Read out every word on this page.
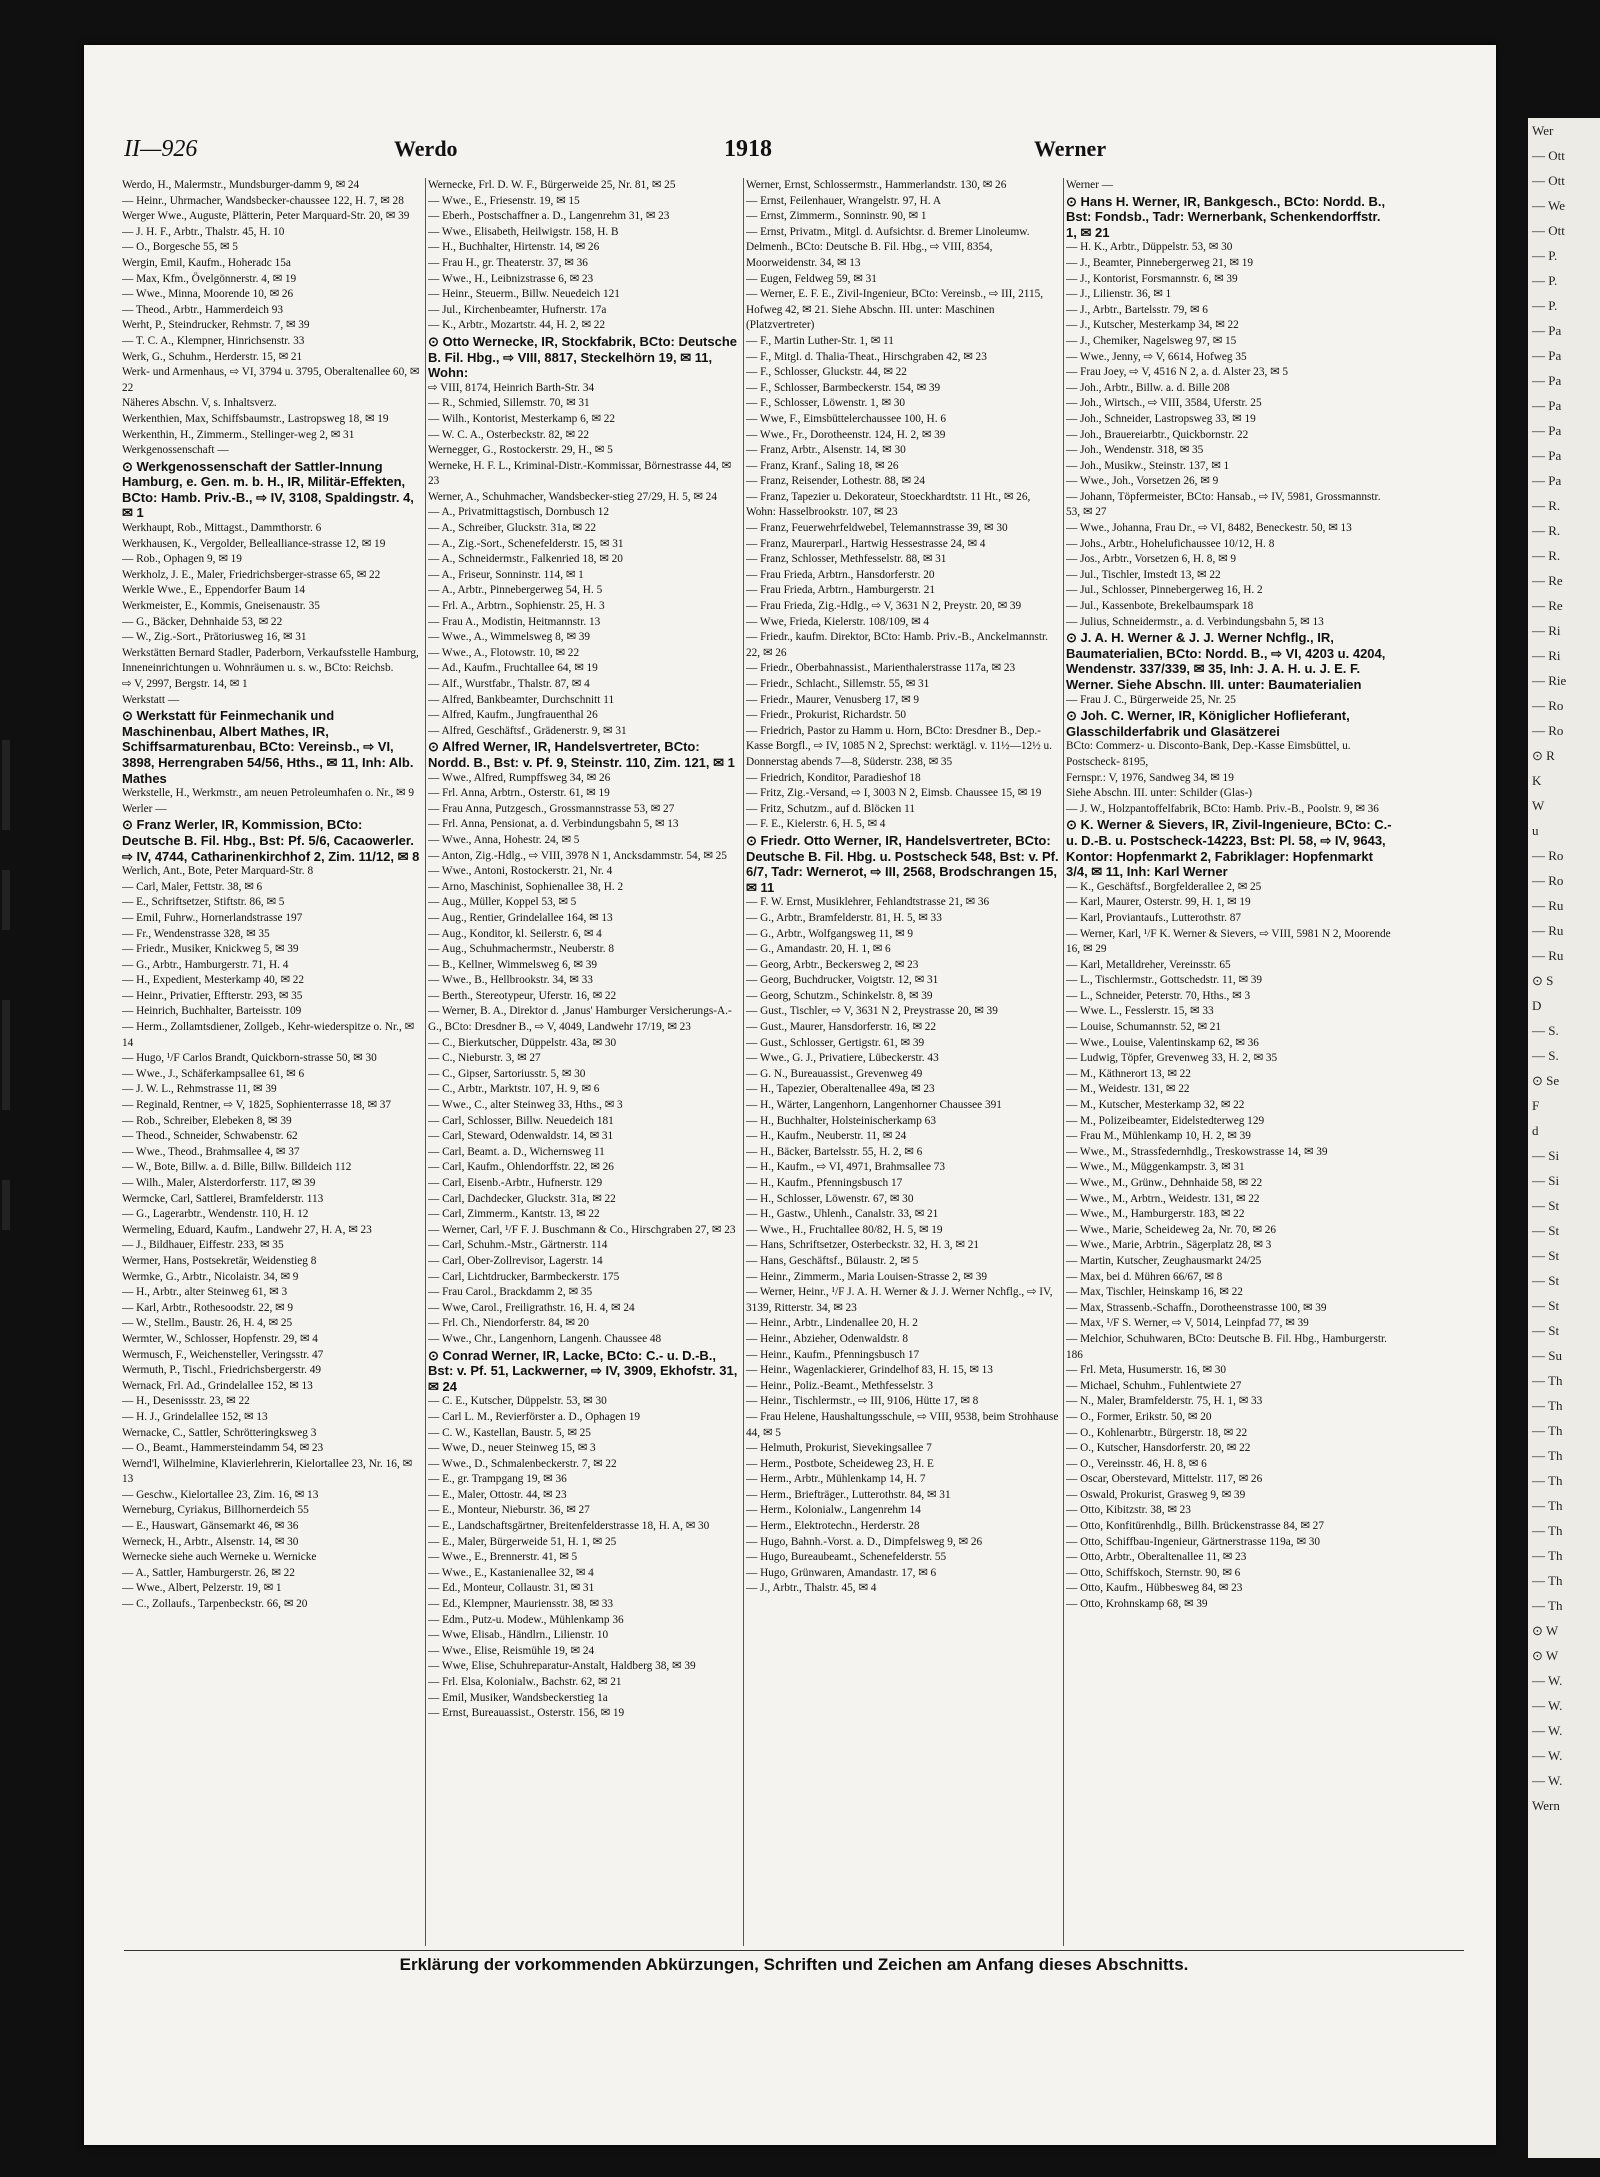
Wer
— Ott
— Ott
— We
— Ott
— P.
— P.
— P.
— Pa
— Pa
— Pa
— Pa
— Pa
— Pa
— Pa
— R.
— R.
— R.
— Re
— Re
— Ri
— Ri
— Rie
— Ro
— Ro
⊙ R
K
W
u
— Ro
— Ro
— Ru
— Ru
— Ru
⊙ S
D
— S.
— S.
⊙ Se
F
d
— Si
— Si
— St
— St
— St
— St
— St
— St
— Su
— Th
— Th
— Th
— Th
— Th
— Th
— Th
— Th
— Th
— Th
⊙ W
⊙ W
— W.
— W.
— W.
— W.
— W.
Wern
II—926	Werdo	1918	Werner
Werdo, H., Malermstr., Mundsburger-damm 9, ✉ 24
— Heinr., Uhrmacher, Wandsbecker-chaussee 122, H. 7, ✉ 28
Werger Wwe., Auguste, Plätterin, Peter Marquard-Str. 20, ✉ 39
— J. H. F., Arbtr., Thalstr. 45, H. 10
— O., Borgesche 55, ✉ 5
Wergin, Emil, Kaufm., Hoheradc 15a
— Max, Kfm., Övelgönnerstr. 4, ✉ 19
— Wwe., Minna, Moorende 10, ✉ 26
— Theod., Arbtr., Hammerdeich 93
Werht, P., Steindrucker, Rehmstr. 7, ✉ 39
— T. C. A., Klempner, Hinrichsenstr. 33
Werk, G., Schuhm., Herderstr. 15, ✉ 21
Werk- und Armenhaus, ⇨ VI, 3794 u. 3795, Oberaltenallee 60, ✉ 22
Näheres Abschn. V, s. Inhaltsverz.
Werkenthien, Max, Schiffsbaumstr., Lastropsweg 18, ✉ 19
Werkenthin, H., Zimmerm., Stellinger-weg 2, ✉ 31
Werkgenossenschaft —
⊙ Werkgenossenschaft der Sattler-Innung Hamburg, e. Gen. m. b. H., IR, Militär-Effekten, BCto: Hamb. Priv.-B., ⇨ IV, 3108, Spaldingstr. 4, ✉ 1
Werkhaupt, Rob., Mittagst., Dammthorstr. 6
Werkhausen, K., Vergolder, Bellealliance-strasse 12, ✉ 19
— Rob., Ophagen 9, ✉ 19
Werkholz, J. E., Maler, Friedrichsberger-strasse 65, ✉ 22
Werkle Wwe., E., Eppendorfer Baum 14
Werkmeister, E., Kommis, Gneisenaustr. 35
— G., Bäcker, Dehnhaide 53, ✉ 22
— W., Zig.-Sort., Prätoriusweg 16, ✉ 31
Werkstätten Bernard Stadler, Paderborn, Verkaufsstelle Hamburg, Inneneinrichtungen u. Wohnräumen u. s. w., BCto: Reichsb.
⇨ V, 2997, Bergstr. 14, ✉ 1
Werkstatt —
⊙ Werkstatt für Feinmechanik und Maschinenbau, Albert Mathes, IR, Schiffsarmaturenbau, BCto: Vereinsb., ⇨ VI, 3898, Herrengraben 54/56, Hths., ✉ 11, Inh: Alb. Mathes
Werkstelle, H., Werkmstr., am neuen Petroleumhafen o. Nr., ✉ 9
Werler —
⊙ Franz Werler, IR, Kommission, BCto: Deutsche B. Fil. Hbg., Bst: Pf. 5/6, Cacaowerler. ⇨ IV, 4744, Catharinenkirchhof 2, Zim. 11/12, ✉ 8
Werlich, Ant., Bote, Peter Marquard-Str. 8
— Carl, Maler, Fettstr. 38, ✉ 6
— E., Schriftsetzer, Stiftstr. 86, ✉ 5
— Emil, Fuhrw., Hornerlandstrasse 197
— Fr., Wendenstrasse 328, ✉ 35
— Friedr., Musiker, Knickweg 5, ✉ 39
— G., Arbtr., Hamburgerstr. 71, H. 4
— H., Expedient, Mesterkamp 40, ✉ 22
— Heinr., Privatier, Effterstr. 293, ✉ 35
— Heinrich, Buchhalter, Barteisstr. 109
— Herm., Zollamtsdiener, Zollgeb., Kehr-wiederspitze o. Nr., ✉ 14
— Hugo, ¹/F Carlos Brandt, Quickborn-strasse 50, ✉ 30
— Wwe., J., Schäferkampsallee 61, ✉ 6
— J. W. L., Rehmstrasse 11, ✉ 39
— Reginald, Rentner, ⇨ V, 1825, Sophienterrasse 18, ✉ 37
— Rob., Schreiber, Elebeken 8, ✉ 39
— Theod., Schneider, Schwabenstr. 62
— Wwe., Theod., Brahmsallee 4, ✉ 37
— W., Bote, Billw. a. d. Bille, Billw. Billdeich 112
— Wilh., Maler, Alsterdorferstr. 117, ✉ 39
Wermcke, Carl, Sattlerei, Bramfelderstr. 113
— G., Lagerarbtr., Wendenstr. 110, H. 12
Wermeling, Eduard, Kaufm., Landwehr 27, H. A, ✉ 23
— J., Bildhauer, Eiffestr. 233, ✉ 35
Wermer, Hans, Postsekretär, Weidenstieg 8
Wermke, G., Arbtr., Nicolaistr. 34, ✉ 9
— H., Arbtr., alter Steinweg 61, ✉ 3
— Karl, Arbtr., Rothesoodstr. 22, ✉ 9
— W., Stellm., Baustr. 26, H. 4, ✉ 25
Wermter, W., Schlosser, Hopfenstr. 29, ✉ 4
Wermusch, F., Weichensteller, Veringsstr. 47
Wermuth, P., Tischl., Friedrichsbergerstr. 49
Wernack, Frl. Ad., Grindelallee 152, ✉ 13
— H., Desenissstr. 23, ✉ 22
— H. J., Grindelallee 152, ✉ 13
Wernacke, C., Sattler, Schrötteringksweg 3
— O., Beamt., Hammersteindamm 54, ✉ 23
Wernd'l, Wilhelmine, Klavierlehrerin, Kielortallee 23, Nr. 16, ✉ 13
— Geschw., Kielortallee 23, Zim. 16, ✉ 13
Werneburg, Cyriakus, Billhornerdeich 55
— E., Hauswart, Gänsemarkt 46, ✉ 36
Werneck, H., Arbtr., Alsenstr. 14, ✉ 30
Wernecke siehe auch Werneke u. Wernicke
— A., Sattler, Hamburgerstr. 26, ✉ 22
— Wwe., Albert, Pelzerstr. 19, ✉ 1
— C., Zollaufs., Tarpenbeckstr. 66, ✉ 20
Wernecke, Frl. D. W. F., Bürgerweide 25, Nr. 81, ✉ 25
— Wwe., E., Friesenstr. 19, ✉ 15
— Eberh., Postschaffner a. D., Langenrehm 31, ✉ 23
— Wwe., Elisabeth, Heilwigstr. 158, H. B
— H., Buchhalter, Hirtenstr. 14, ✉ 26
— Frau H., gr. Theaterstr. 37, ✉ 36
— Wwe., H., Leibnizstrasse 6, ✉ 23
— Heinr., Steuerm., Billw. Neuedeich 121
— Jul., Kirchenbeamter, Hufnerstr. 17a
— K., Arbtr., Mozartstr. 44, H. 2, ✉ 22
⊙ Otto Wernecke, IR, Stockfabrik, BCto: Deutsche B. Fil. Hbg., ⇨ VIII, 8817, Steckelhörn 19, ✉ 11, Wohn:
⇨ VIII, 8174, Heinrich Barth-Str. 34
— R., Schmied, Sillemstr. 70, ✉ 31
— Wilh., Kontorist, Mesterkamp 6, ✉ 22
— W. C. A., Osterbeckstr. 82, ✉ 22
Wernegger, G., Rostockerstr. 29, H., ✉ 5
Werneke, H. F. L., Kriminal-Distr.-Kommissar, Börnestrasse 44, ✉ 23
Werner, A., Schuhmacher, Wandsbecker-stieg 27/29, H. 5, ✉ 24
— A., Privatmittagstisch, Dornbusch 12
— A., Schreiber, Gluckstr. 31a, ✉ 22
— A., Zig.-Sort., Schenefelderstr. 15, ✉ 31
— A., Schneidermstr., Falkenried 18, ✉ 20
— A., Friseur, Sonninstr. 114, ✉ 1
— A., Arbtr., Pinnebergerweg 54, H. 5
— Frl. A., Arbtrn., Sophienstr. 25, H. 3
— Frau A., Modistin, Heitmannstr. 13
— Wwe., A., Wimmelsweg 8, ✉ 39
— Wwe., A., Flotowstr. 10, ✉ 22
— Ad., Kaufm., Fruchtallee 64, ✉ 19
— Alf., Wurstfabr., Thalstr. 87, ✉ 4
— Alfred, Bankbeamter, Durchschnitt 11
— Alfred, Kaufm., Jungfrauenthal 26
— Alfred, Geschäftsf., Grädenerstr. 9, ✉ 31
⊙ Alfred Werner, IR, Handelsvertreter, BCto: Nordd. B., Bst: v. Pf. 9, Steinstr. 110, Zim. 121, ✉ 1
— Wwe., Alfred, Rumpffsweg 34, ✉ 26
— Frl. Anna, Arbtrn., Osterstr. 61, ✉ 19
— Frau Anna, Putzgesch., Grossmannstrasse 53, ✉ 27
— Frl. Anna, Pensionat, a. d. Verbindungsbahn 5, ✉ 13
— Wwe., Anna, Hohestr. 24, ✉ 5
— Anton, Zig.-Hdlg., ⇨ VIII, 3978 N 1, Ancksdammstr. 54, ✉ 25
— Wwe., Antoni, Rostockerstr. 21, Nr. 4
— Arno, Maschinist, Sophienallee 38, H. 2
— Aug., Müller, Koppel 53, ✉ 5
— Aug., Rentier, Grindelallee 164, ✉ 13
— Aug., Konditor, kl. Seilerstr. 6, ✉ 4
— Aug., Schuhmachermstr., Neuberstr. 8
— B., Kellner, Wimmelsweg 6, ✉ 39
— Wwe., B., Hellbrookstr. 34, ✉ 33
— Berth., Stereotypeur, Uferstr. 16, ✉ 22
— Werner, B. A., Direktor d. ‚Janus' Hamburger Versicherungs-A.-G., BCto: Dresdner B., ⇨ V, 4049, Landwehr 17/19, ✉ 23
— C., Bierkutscher, Düppelstr. 43a, ✉ 30
— C., Nieburstr. 3, ✉ 27
— C., Gipser, Sartoriusstr. 5, ✉ 30
— C., Arbtr., Marktstr. 107, H. 9, ✉ 6
— Wwe., C., alter Steinweg 33, Hths., ✉ 3
— Carl, Schlosser, Billw. Neuedeich 181
— Carl, Steward, Odenwaldstr. 14, ✉ 31
— Carl, Beamt. a. D., Wichernsweg 11
— Carl, Kaufm., Ohlendorffstr. 22, ✉ 26
— Carl, Eisenb.-Arbtr., Hufnerstr. 129
— Carl, Dachdecker, Gluckstr. 31a, ✉ 22
— Carl, Zimmerm., Kantstr. 13, ✉ 22
— Werner, Carl, ¹/F F. J. Buschmann & Co., Hirschgraben 27, ✉ 23
— Carl, Schuhm.-Mstr., Gärtnerstr. 114
— Carl, Ober-Zollrevisor, Lagerstr. 14
— Carl, Lichtdrucker, Barmbeckerstr. 175
— Frau Carol., Brackdamm 2, ✉ 35
— Wwe, Carol., Freiligrathstr. 16, H. 4, ✉ 24
— Frl. Ch., Niendorferstr. 84, ✉ 20
— Wwe., Chr., Langenhorn, Langenh. Chaussee 48
⊙ Conrad Werner, IR, Lacke, BCto: C.- u. D.-B., Bst: v. Pf. 51, Lackwerner, ⇨ IV, 3909, Ekhofstr. 31, ✉ 24
— C. E., Kutscher, Düppelstr. 53, ✉ 30
— Carl L. M., Revierförster a. D., Ophagen 19
— C. W., Kastellan, Baustr. 5, ✉ 25
— Wwe, D., neuer Steinweg 15, ✉ 3
— Wwe., D., Schmalenbeckerstr. 7, ✉ 22
— E., gr. Trampgang 19, ✉ 36
— E., Maler, Ottostr. 44, ✉ 23
— E., Monteur, Nieburstr. 36, ✉ 27
— E., Landschaftsgärtner, Breitenfelderstrasse 18, H. A, ✉ 30
— E., Maler, Bürgerweide 51, H. 1, ✉ 25
— Wwe., E., Brennerstr. 41, ✉ 5
— Wwe., E., Kastanienallee 32, ✉ 4
— Ed., Monteur, Collaustr. 31, ✉ 31
— Ed., Klempner, Mauriensstr. 38, ✉ 33
— Edm., Putz-u. Modew., Mühlenkamp 36
— Wwe, Elisab., Händlrn., Lilienstr. 10
— Wwe., Elise, Reismühle 19, ✉ 24
— Wwe, Elise, Schuhreparatur-Anstalt, Haldberg 38, ✉ 39
— Frl. Elsa, Kolonialw., Bachstr. 62, ✉ 21
— Emil, Musiker, Wandsbeckerstieg 1a
— Ernst, Bureauassist., Osterstr. 156, ✉ 19
Werner, Ernst, Schlossermstr., Hammerlandstr. 130, ✉ 26
— Ernst, Feilenhauer, Wrangelstr. 97, H. A
— Ernst, Zimmerm., Sonninstr. 90, ✉ 1
— Ernst, Privatm., Mitgl. d. Aufsichtsr. d. Bremer Linoleumw. Delmenh., BCto: Deutsche B. Fil. Hbg., ⇨ VIII, 8354,
Moorweidenstr. 34, ✉ 13
— Eugen, Feldweg 59, ✉ 31
— Werner, E. F. E., Zivil-Ingenieur, BCto: Vereinsb., ⇨ III, 2115, Hofweg 42, ✉ 21. Siehe Abschn. III. unter: Maschinen (Platzvertreter)
— F., Martin Luther-Str. 1, ✉ 11
— F., Mitgl. d. Thalia-Theat., Hirschgraben 42, ✉ 23
— F., Schlosser, Gluckstr. 44, ✉ 22
— F., Schlosser, Barmbeckerstr. 154, ✉ 39
— F., Schlosser, Löwenstr. 1, ✉ 30
— Wwe, F., Eimsbüttelerchaussee 100, H. 6
— Wwe., Fr., Dorotheenstr. 124, H. 2, ✉ 39
— Franz, Arbtr., Alsenstr. 14, ✉ 30
— Franz, Kranf., Saling 18, ✉ 26
— Franz, Reisender, Lothestr. 88, ✉ 24
— Franz, Tapezier u. Dekorateur, Stoeckhardtstr. 11 Ht., ✉ 26, Wohn: Hasselbrookstr. 107, ✉ 23
— Franz, Feuerwehrfeldwebel, Telemannstrasse 39, ✉ 30
— Franz, Maurerparl., Hartwig Hessestrasse 24, ✉ 4
— Franz, Schlosser, Methfesselstr. 88, ✉ 31
— Frau Frieda, Arbtrn., Hansdorferstr. 20
— Frau Frieda, Arbtrn., Hamburgerstr. 21
— Frau Frieda, Zig.-Hdlg., ⇨ V, 3631 N 2, Preystr. 20, ✉ 39
— Wwe, Frieda, Kielerstr. 108/109, ✉ 4
— Friedr., kaufm. Direktor, BCto: Hamb. Priv.-B., Anckelmannstr. 22, ✉ 26
— Friedr., Oberbahnassist., Marienthalerstrasse 117a, ✉ 23
— Friedr., Schlacht., Sillemstr. 55, ✉ 31
— Friedr., Maurer, Venusberg 17, ✉ 9
— Friedr., Prokurist, Richardstr. 50
— Friedrich, Pastor zu Hamm u. Horn, BCto: Dresdner B., Dep.-Kasse Borgfl., ⇨ IV, 1085 N 2, Sprechst: werktägl. v. 11½—12½ u. Donnerstag abends 7—8, Süderstr. 238, ✉ 35
— Friedrich, Konditor, Paradieshof 18
— Fritz, Zig.-Versand, ⇨ I, 3003 N 2, Eimsb. Chaussee 15, ✉ 19
— Fritz, Schutzm., auf d. Blöcken 11
— F. E., Kielerstr. 6, H. 5, ✉ 4
⊙ Friedr. Otto Werner, IR, Handelsvertreter, BCto: Deutsche B. Fil. Hbg. u. Postscheck 548, Bst: v. Pf. 6/7, Tadr: Wernerot, ⇨ III, 2568, Brodschrangen 15, ✉ 11
— F. W. Ernst, Musiklehrer, Fehlandtstrasse 21, ✉ 36
— G., Arbtr., Bramfelderstr. 81, H. 5, ✉ 33
— G., Arbtr., Wolfgangsweg 11, ✉ 9
— G., Amandastr. 20, H. 1, ✉ 6
— Georg, Arbtr., Beckersweg 2, ✉ 23
— Georg, Buchdrucker, Voigtstr. 12, ✉ 31
— Georg, Schutzm., Schinkelstr. 8, ✉ 39
— Gust., Tischler, ⇨ V, 3631 N 2, Preystrasse 20, ✉ 39
— Gust., Maurer, Hansdorferstr. 16, ✉ 22
— Gust., Schlosser, Gertigstr. 61, ✉ 39
— Wwe., G. J., Privatiere, Lübeckerstr. 43
— G. N., Bureauassist., Grevenweg 49
— H., Tapezier, Oberaltenallee 49a, ✉ 23
— H., Wärter, Langenhorn, Langenhorner Chaussee 391
— H., Buchhalter, Holsteinischerkamp 63
— H., Kaufm., Neuberstr. 11, ✉ 24
— H., Bäcker, Bartelsstr. 55, H. 2, ✉ 6
— H., Kaufm., ⇨ VI, 4971, Brahmsallee 73
— H., Kaufm., Pfenningsbusch 17
— H., Schlosser, Löwenstr. 67, ✉ 30
— H., Gastw., Uhlenh., Canalstr. 33, ✉ 21
— Wwe., H., Fruchtallee 80/82, H. 5, ✉ 19
— Hans, Schriftsetzer, Osterbeckstr. 32, H. 3, ✉ 21
— Hans, Geschäftsf., Bülaustr. 2, ✉ 5
— Heinr., Zimmerm., Maria Louisen-Strasse 2, ✉ 39
— Werner, Heinr., ¹/F J. A. H. Werner & J. J. Werner Nchflg., ⇨ IV, 3139, Ritterstr. 34, ✉ 23
— Heinr., Arbtr., Lindenallee 20, H. 2
— Heinr., Abzieher, Odenwaldstr. 8
— Heinr., Kaufm., Pfenningsbusch 17
— Heinr., Wagenlackierer, Grindelhof 83, H. 15, ✉ 13
— Heinr., Poliz.-Beamt., Methfesselstr. 3
— Heinr., Tischlermstr., ⇨ III, 9106, Hütte 17, ✉ 8
— Frau Helene, Haushaltungsschule, ⇨ VIII, 9538, beim Strohhause 44, ✉ 5
— Helmuth, Prokurist, Sievekingsallee 7
— Herm., Postbote, Scheideweg 23, H. E
— Herm., Arbtr., Mühlenkamp 14, H. 7
— Herm., Briefträger., Lutterothstr. 84, ✉ 31
— Herm., Kolonialw., Langenrehm 14
— Herm., Elektrotechn., Herderstr. 28
— Hugo, Bahnh.-Vorst. a. D., Dimpfelsweg 9, ✉ 26
— Hugo, Bureaubeamt., Schenefelderstr. 55
— Hugo, Grünwaren, Amandastr. 17, ✉ 6
— J., Arbtr., Thalstr. 45, ✉ 4
Werner —
⊙ Hans H. Werner, IR, Bankgesch., BCto: Nordd. B., Bst: Fondsb., Tadr: Wernerbank, Schenkendorffstr. 1, ✉ 21
— H. K., Arbtr., Düppelstr. 53, ✉ 30
— J., Beamter, Pinnebergerweg 21, ✉ 19
— J., Kontorist, Forsmannstr. 6, ✉ 39
— J., Lilienstr. 36, ✉ 1
— J., Arbtr., Bartelsstr. 79, ✉ 6
— J., Kutscher, Mesterkamp 34, ✉ 22
— J., Chemiker, Nagelsweg 97, ✉ 15
— Wwe., Jenny, ⇨ V, 6614, Hofweg 35
— Frau Joey, ⇨ V, 4516 N 2, a. d. Alster 23, ✉ 5
— Joh., Arbtr., Billw. a. d. Bille 208
— Joh., Wirtsch., ⇨ VIII, 3584, Uferstr. 25
— Joh., Schneider, Lastropsweg 33, ✉ 19
— Joh., Brauereiarbtr., Quickbornstr. 22
— Joh., Wendenstr. 318, ✉ 35
— Joh., Musikw., Steinstr. 137, ✉ 1
— Wwe., Joh., Vorsetzen 26, ✉ 9
— Johann, Töpfermeister, BCto: Hansab., ⇨ IV, 5981, Grossmannstr. 53, ✉ 27
— Wwe., Johanna, Frau Dr., ⇨ VI, 8482, Beneckestr. 50, ✉ 13
— Johs., Arbtr., Hohelufichaussee 10/12, H. 8
— Jos., Arbtr., Vorsetzen 6, H. 8, ✉ 9
— Jul., Tischler, Imstedt 13, ✉ 22
— Jul., Schlosser, Pinnebergerweg 16, H. 2
— Jul., Kassenbote, Brekelbaumspark 18
— Julius, Schneidermstr., a. d. Verbindungsbahn 5, ✉ 13
⊙ J. A. H. Werner & J. J. Werner Nchflg., IR, Baumaterialien, BCto: Nordd. B., ⇨ VI, 4203 u. 4204, Wendenstr. 337/339, ✉ 35, Inh: J. A. H. u. J. E. F. Werner. Siehe Abschn. III. unter: Baumaterialien
— Frau J. C., Bürgerweide 25, Nr. 25
⊙ Joh. C. Werner, IR, Königlicher Hoflieferant, Glasschilderfabrik und Glasätzerei
BCto: Commerz- u. Disconto-Bank, Dep.-Kasse Eimsbüttel, u. Postscheck- 8195,
Fernspr.: V, 1976, Sandweg 34, ✉ 19
Siehe Abschn. III. unter: Schilder (Glas-)
— J. W., Holzpantoffelfabrik, BCto: Hamb. Priv.-B., Poolstr. 9, ✉ 36
⊙ K. Werner & Sievers, IR, Zivil-Ingenieure, BCto: C.- u. D.-B. u. Postscheck-14223, Bst: Pl. 58, ⇨ IV, 9643, Kontor: Hopfenmarkt 2, Fabriklager: Hopfenmarkt 3/4, ✉ 11, Inh: Karl Werner
— K., Geschäftsf., Borgfelderallee 2, ✉ 25
— Karl, Maurer, Osterstr. 99, H. 1, ✉ 19
— Karl, Proviantaufs., Lutterothstr. 87
— Werner, Karl, ¹/F K. Werner & Sievers, ⇨ VIII, 5981 N 2, Moorende 16, ✉ 29
— Karl, Metalldreher, Vereinsstr. 65
— L., Tischlermstr., Gottschedstr. 11, ✉ 39
— L., Schneider, Peterstr. 70, Hths., ✉ 3
— Wwe. L., Fesslerstr. 15, ✉ 33
— Louise, Schumannstr. 52, ✉ 21
— Wwe., Louise, Valentinskamp 62, ✉ 36
— Ludwig, Töpfer, Grevenweg 33, H. 2, ✉ 35
— M., Käthnerort 13, ✉ 22
— M., Weidestr. 131, ✉ 22
— M., Kutscher, Mesterkamp 32, ✉ 22
— M., Polizeibeamter, Eidelstedterweg 129
— Frau M., Mühlenkamp 10, H. 2, ✉ 39
— Wwe., M., Strassfedernhdlg., Treskowstrasse 14, ✉ 39
— Wwe., M., Müggenkampstr. 3, ✉ 31
— Wwe., M., Grünw., Dehnhaide 58, ✉ 22
— Wwe., M., Arbtrn., Weidestr. 131, ✉ 22
— Wwe., M., Hamburgerstr. 183, ✉ 22
— Wwe., Marie, Scheideweg 2a, Nr. 70, ✉ 26
— Wwe., Marie, Arbtrin., Sägerplatz 28, ✉ 3
— Martin, Kutscher, Zeughausmarkt 24/25
— Max, bei d. Mühren 66/67, ✉ 8
— Max, Tischler, Heinskamp 16, ✉ 22
— Max, Strassenb.-Schaffn., Dorotheenstrasse 100, ✉ 39
— Max, ¹/F S. Werner, ⇨ V, 5014, Leinpfad 77, ✉ 39
— Melchior, Schuhwaren, BCto: Deutsche B. Fil. Hbg., Hamburgerstr. 186
— Frl. Meta, Husumerstr. 16, ✉ 30
— Michael, Schuhm., Fuhlentwiete 27
— N., Maler, Bramfelderstr. 75, H. 1, ✉ 33
— O., Former, Erikstr. 50, ✉ 20
— O., Kohlenarbtr., Bürgerstr. 18, ✉ 22
— O., Kutscher, Hansdorferstr. 20, ✉ 22
— O., Vereinsstr. 46, H. 8, ✉ 6
— Oscar, Oberstevard, Mittelstr. 117, ✉ 26
— Oswald, Prokurist, Grasweg 9, ✉ 39
— Otto, Kibitzstr. 38, ✉ 23
— Otto, Konfitürenhdlg., Billh. Brückenstrasse 84, ✉ 27
— Otto, Schiffbau-Ingenieur, Gärtnerstrasse 119a, ✉ 30
— Otto, Arbtr., Oberaltenallee 11, ✉ 23
— Otto, Schiffskoch, Sternstr. 90, ✉ 6
— Otto, Kaufm., Hübbesweg 84, ✉ 23
— Otto, Krohnskamp 68, ✉ 39
Erklärung der vorkommenden Abkürzungen, Schriften und Zeichen am Anfang dieses Abschnitts.
